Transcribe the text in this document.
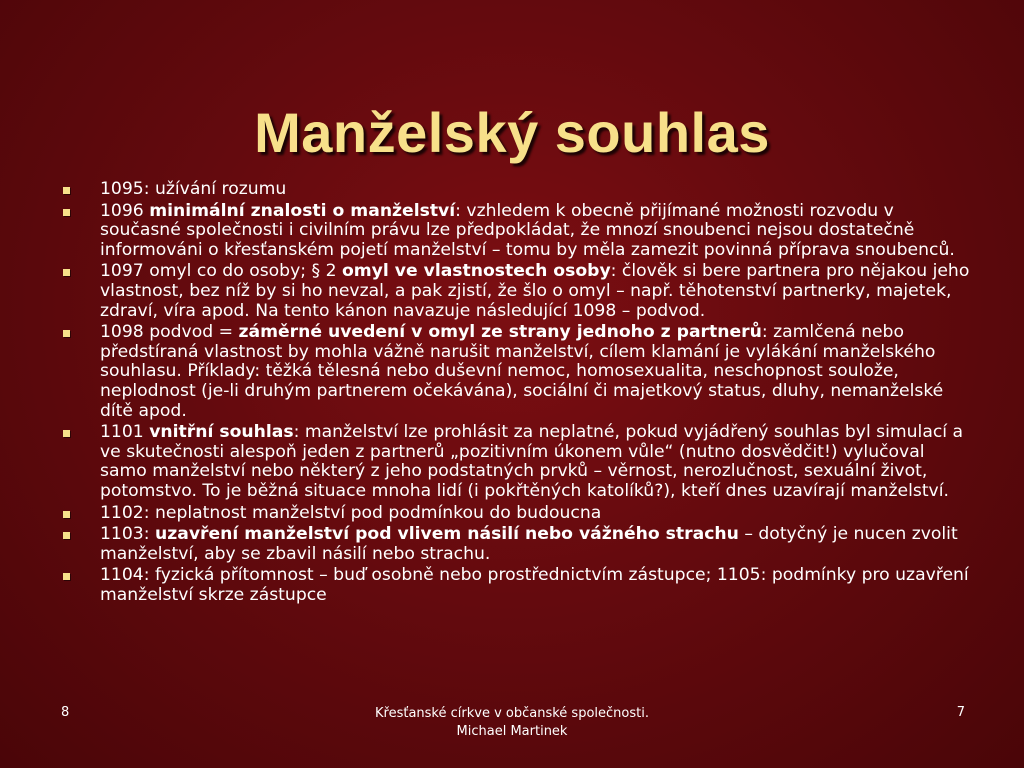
Manželský souhlas
1095: užívání rozumu
1096 minimální znalosti o manželství: vzhledem k obecně přijímané možnosti rozvodu v současné společnosti i civilním právu lze předpokládat, že mnozí snoubenci nejsou dostatečně informováni o křesťanském pojetí manželství – tomu by měla zamezit povinná příprava snoubenců.
1097 omyl co do osoby; § 2 omyl ve vlastnostech osoby: člověk si bere partnera pro nějakou jeho vlastnost, bez níž by si ho nevzal, a pak zjistí, že šlo o omyl – např. těhotenství partnerky, majetek, zdraví, víra apod. Na tento kánon navazuje následující 1098 – podvod.
1098 podvod = záměrné uvedení v omyl ze strany jednoho z partnerů: zamlčená nebo předstíraná vlastnost by mohla vážně narušit manželství, cílem klamání je vylákání manželského souhlasu. Příklady: těžká tělesná nebo duševní nemoc, homosexualita, neschopnost soulože, neplodnost (je-li druhým partnerem očekávána), sociální či majetkový status, dluhy, nemanželské dítě apod.
1101 vnitřní souhlas: manželství lze prohlásit za neplatné, pokud vyjádřený souhlas byl simulací a ve skutečnosti alespoň jeden z partnerů „pozitivním úkonem vůle“ (nutno dosvědčit!) vylučoval samo manželství nebo některý z jeho podstatných prvků – věrnost, nerozlučnost, sexuální život, potomstvo. To je běžná situace mnoha lidí (i pokřtěných katolíků?), kteří dnes uzavírají manželství.
1102: neplatnost manželství pod podmínkou do budoucna
1103: uzavření manželství pod vlivem násilí nebo vážného strachu – dotyčný je nucen zvolit manželství, aby se zbavil násilí nebo strachu.
1104: fyzická přítomnost – buď osobně nebo prostřednictvím zástupce; 1105: podmínky pro uzavření manželství skrze zástupce
8	Křesťanské církve v občanské společnosti.
Michael Martinek
7
